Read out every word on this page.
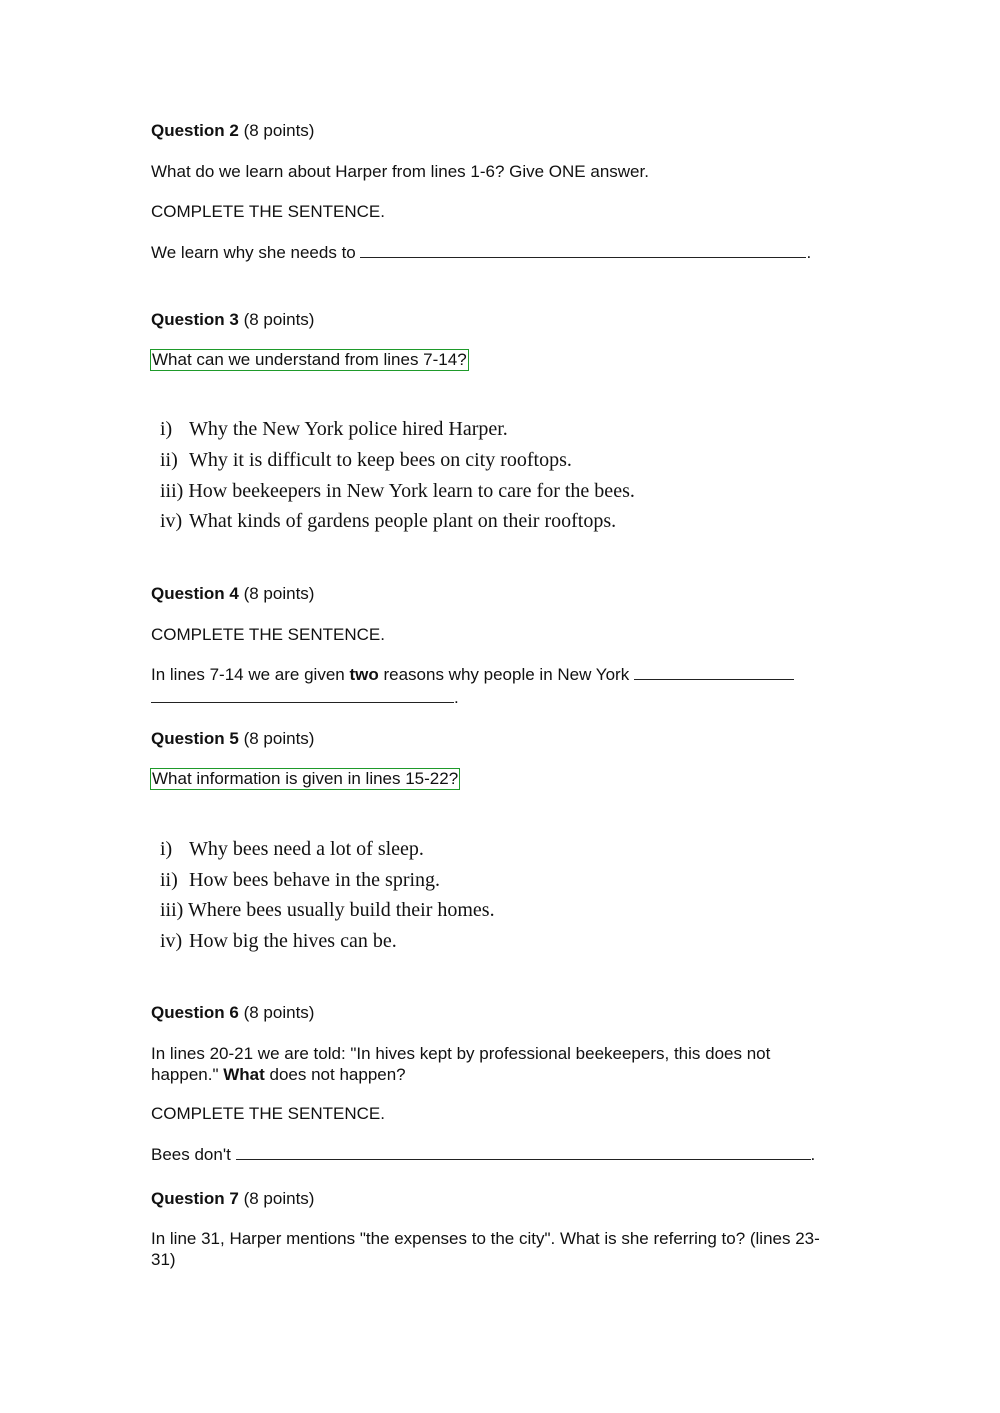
Question 2 (8 points)
What do we learn about Harper from lines 1-6? Give ONE answer.
COMPLETE THE SENTENCE.
We learn why she needs to	.
Question 3 (8 points)
What can we understand from lines 7-14?
i) Why the New York police hired Harper.
ii) Why it is difficult to keep bees on city rooftops.
iii) How beekeepers in New York learn to care for the bees.
iv) What kinds of gardens people plant on their rooftops.
Question 4 (8 points)
COMPLETE THE SENTENCE.
In lines 7-14 we are given two reasons why people in New York
.
Question 5 (8 points)
What information is given in lines 15-22?
i) Why bees need a lot of sleep.
ii) How bees behave in the spring.
iii) Where bees usually build their homes.
iv) How big the hives can be.
Question 6 (8 points)
In lines 20-21 we are told: "In hives kept by professional beekeepers, this does not
happen." What does not happen?
COMPLETE THE SENTENCE.
Bees don't	.
Question 7 (8 points)
In line 31, Harper mentions "the expenses to the city". What is she referring to? (lines 23-
31)
